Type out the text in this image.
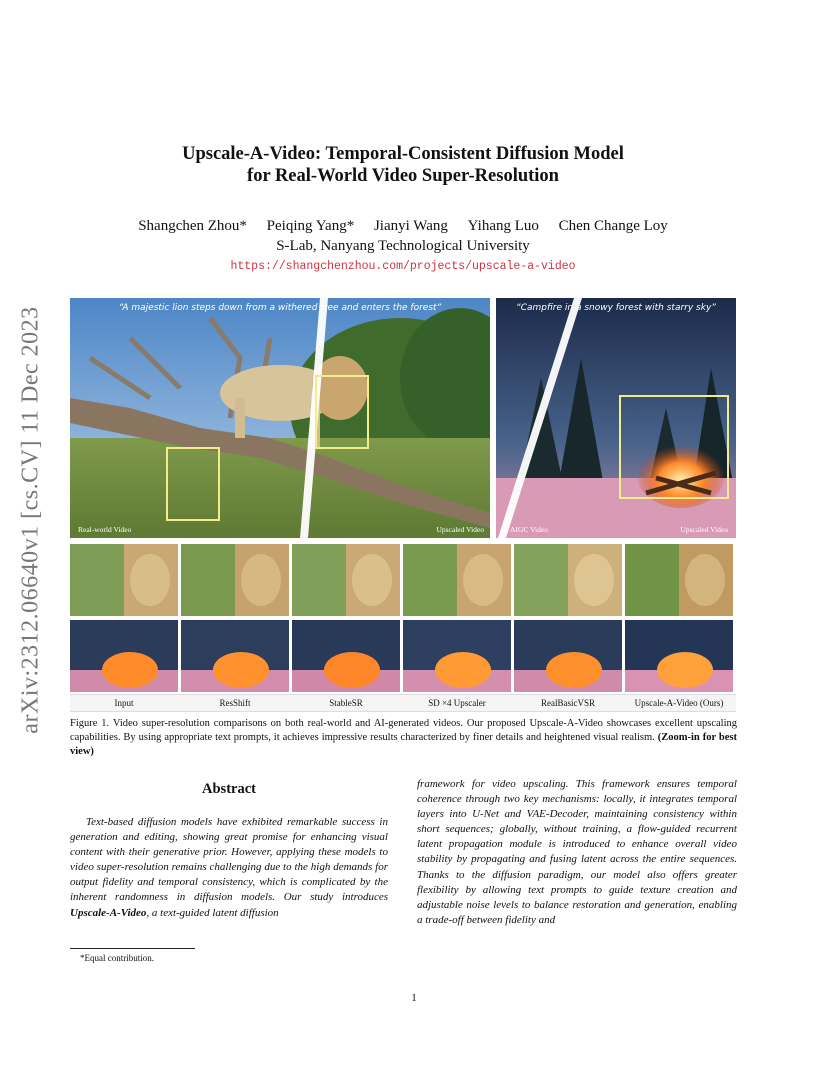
arXiv:2312.06640v1 [cs.CV] 11 Dec 2023
Upscale-A-Video: Temporal-Consistent Diffusion Model
for Real-World Video Super-Resolution
Shangchen Zhou* Peiqing Yang* Jianyi Wang Yihang Luo Chen Change Loy
S-Lab, Nanyang Technological University
https://shangchenzhou.com/projects/upscale-a-video
“A majestic lion steps down from a withered tree and enters the forest”
Real-world Video	Upscaled Video
“Campfire in a snowy forest with starry sky”
AIGC Video	Upscaled Video
Input	ResShift	StableSR	SD ×4 Upscaler	RealBasicVSR	Upscale-A-Video (Ours)
Figure 1. Video super-resolution comparisons on both real-world and AI-generated videos. Our proposed Upscale-A-Video showcases excellent upscaling capabilities. By using appropriate text prompts, it achieves impressive results characterized by finer details and heightened visual realism. (Zoom-in for best view)
Abstract
Text-based diffusion models have exhibited remarkable success in generation and editing, showing great promise for enhancing visual content with their generative prior. However, applying these models to video super-resolution remains challenging due to the high demands for output fidelity and temporal consistency, which is complicated by the inherent randomness in diffusion models. Our study introduces Upscale-A-Video, a text-guided latent diffusion
framework for video upscaling. This framework ensures temporal coherence through two key mechanisms: locally, it integrates temporal layers into U-Net and VAE-Decoder, maintaining consistency within short sequences; globally, without training, a flow-guided recurrent latent propagation module is introduced to enhance overall video stability by propagating and fusing latent across the entire sequences. Thanks to the diffusion paradigm, our model also offers greater flexibility by allowing text prompts to guide texture creation and adjustable noise levels to balance restoration and generation, enabling a trade-off between fidelity and
*Equal contribution.
1
